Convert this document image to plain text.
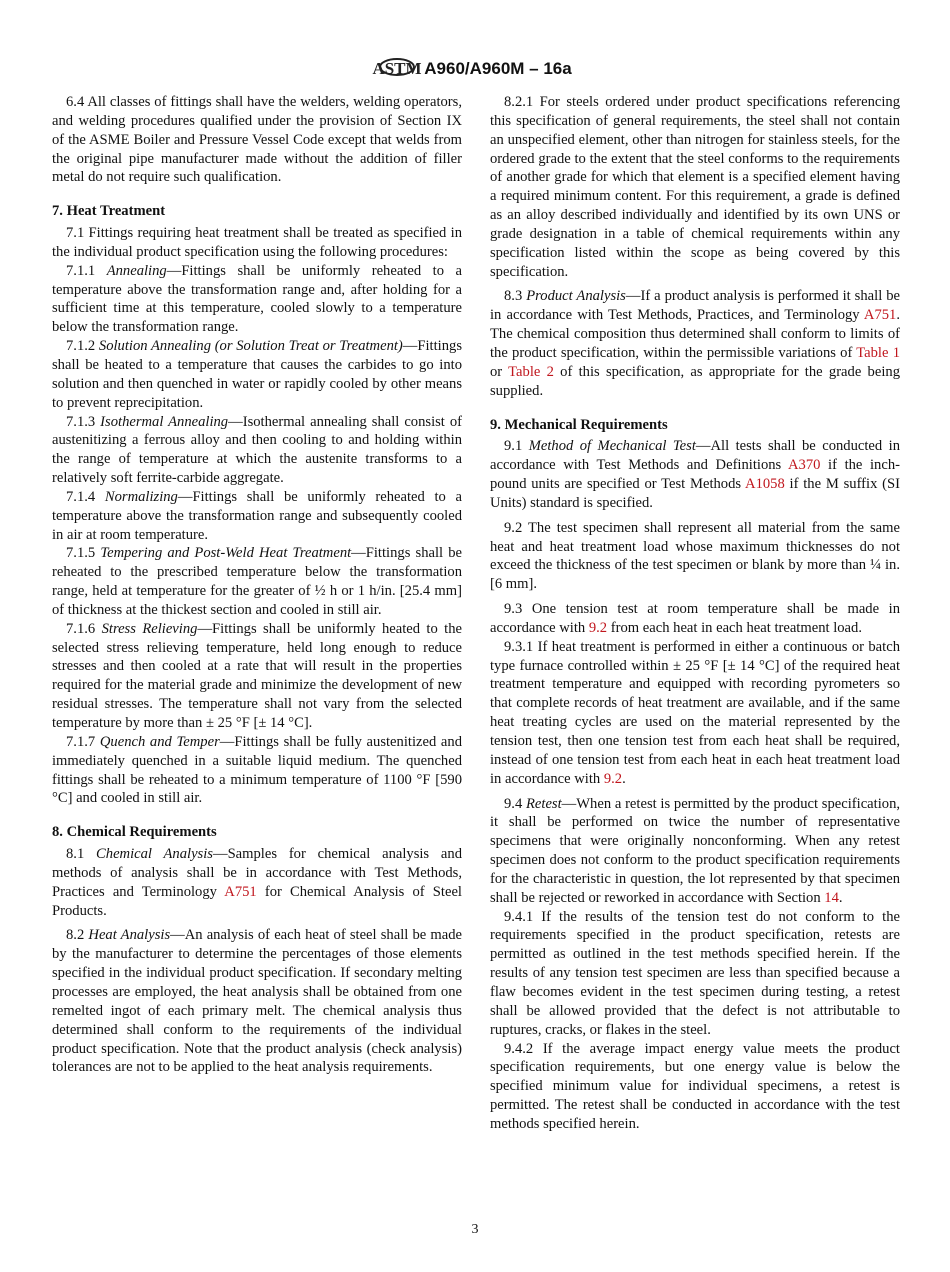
ASTM A960/A960M – 16a

6.4 All classes of fittings shall have the welders, welding operators, and welding procedures qualified under the provision of Section IX of the ASME Boiler and Pressure Vessel Code except that welds from the original pipe manufacturer made without the addition of filler metal do not require such qualification.

7. Heat Treatment

7.1 Fittings requiring heat treatment shall be treated as specified in the individual product specification using the following procedures:

7.1.1 Annealing—Fittings shall be uniformly reheated to a temperature above the transformation range and, after holding for a sufficient time at this temperature, cooled slowly to a temperature below the transformation range.

7.1.2 Solution Annealing (or Solution Treat or Treatment)—Fittings shall be heated to a temperature that causes the carbides to go into solution and then quenched in water or rapidly cooled by other means to prevent reprecipitation.

7.1.3 Isothermal Annealing—Isothermal annealing shall consist of austenitizing a ferrous alloy and then cooling to and holding within the range of temperature at which the austenite transforms to a relatively soft ferrite-carbide aggregate.

7.1.4 Normalizing—Fittings shall be uniformly reheated to a temperature above the transformation range and subsequently cooled in air at room temperature.

7.1.5 Tempering and Post-Weld Heat Treatment—Fittings shall be reheated to the prescribed temperature below the transformation range, held at temperature for the greater of ½ h or 1 h/in. [25.4 mm] of thickness at the thickest section and cooled in still air.

7.1.6 Stress Relieving—Fittings shall be uniformly heated to the selected stress relieving temperature, held long enough to reduce stresses and then cooled at a rate that will result in the properties required for the material grade and minimize the development of new residual stresses. The temperature shall not vary from the selected temperature by more than ± 25 °F [± 14 °C].

7.1.7 Quench and Temper—Fittings shall be fully austenitized and immediately quenched in a suitable liquid medium. The quenched fittings shall be reheated to a minimum temperature of 1100 °F [590 °C] and cooled in still air.

8. Chemical Requirements

8.1 Chemical Analysis—Samples for chemical analysis and methods of analysis shall be in accordance with Test Methods, Practices and Terminology A751 for Chemical Analysis of Steel Products.

8.2 Heat Analysis—An analysis of each heat of steel shall be made by the manufacturer to determine the percentages of those elements specified in the individual product specification. If secondary melting processes are employed, the heat analysis shall be obtained from one remelted ingot of each primary melt. The chemical analysis thus determined shall conform to the requirements of the individual product specification. Note that the product analysis (check analysis) tolerances are not to be applied to the heat analysis requirements.

8.2.1 For steels ordered under product specifications referencing this specification of general requirements, the steel shall not contain an unspecified element, other than nitrogen for stainless steels, for the ordered grade to the extent that the steel conforms to the requirements of another grade for which that element is a specified element having a required minimum content. For this requirement, a grade is defined as an alloy described individually and identified by its own UNS or grade designation in a table of chemical requirements within any specification listed within the scope as being covered by this specification.

8.3 Product Analysis—If a product analysis is performed it shall be in accordance with Test Methods, Practices, and Terminology A751. The chemical composition thus determined shall conform to limits of the product specification, within the permissible variations of Table 1 or Table 2 of this specification, as appropriate for the grade being supplied.

9. Mechanical Requirements

9.1 Method of Mechanical Test—All tests shall be conducted in accordance with Test Methods and Definitions A370 if the inch-pound units are specified or Test Methods A1058 if the M suffix (SI Units) standard is specified.

9.2 The test specimen shall represent all material from the same heat and heat treatment load whose maximum thicknesses do not exceed the thickness of the test specimen or blank by more than ¼ in. [6 mm].

9.3 One tension test at room temperature shall be made in accordance with 9.2 from each heat in each heat treatment load.

9.3.1 If heat treatment is performed in either a continuous or batch type furnace controlled within ± 25 °F [± 14 °C] of the required heat treatment temperature and equipped with recording pyrometers so that complete records of heat treatment are available, and if the same heat treating cycles are used on the material represented by the tension test, then one tension test from each heat shall be required, instead of one tension test from each heat in each heat treatment load in accordance with 9.2.

9.4 Retest—When a retest is permitted by the product specification, it shall be performed on twice the number of representative specimens that were originally nonconforming. When any retest specimen does not conform to the product specification requirements for the characteristic in question, the lot represented by that specimen shall be rejected or reworked in accordance with Section 14.

9.4.1 If the results of the tension test do not conform to the requirements specified in the product specification, retests are permitted as outlined in the test methods specified herein. If the results of any tension test specimen are less than specified because a flaw becomes evident in the test specimen during testing, a retest shall be allowed provided that the defect is not attributable to ruptures, cracks, or flakes in the steel.

9.4.2 If the average impact energy value meets the product specification requirements, but one energy value is below the specified minimum value for individual specimens, a retest is permitted. The retest shall be conducted in accordance with the test methods specified herein.

3
